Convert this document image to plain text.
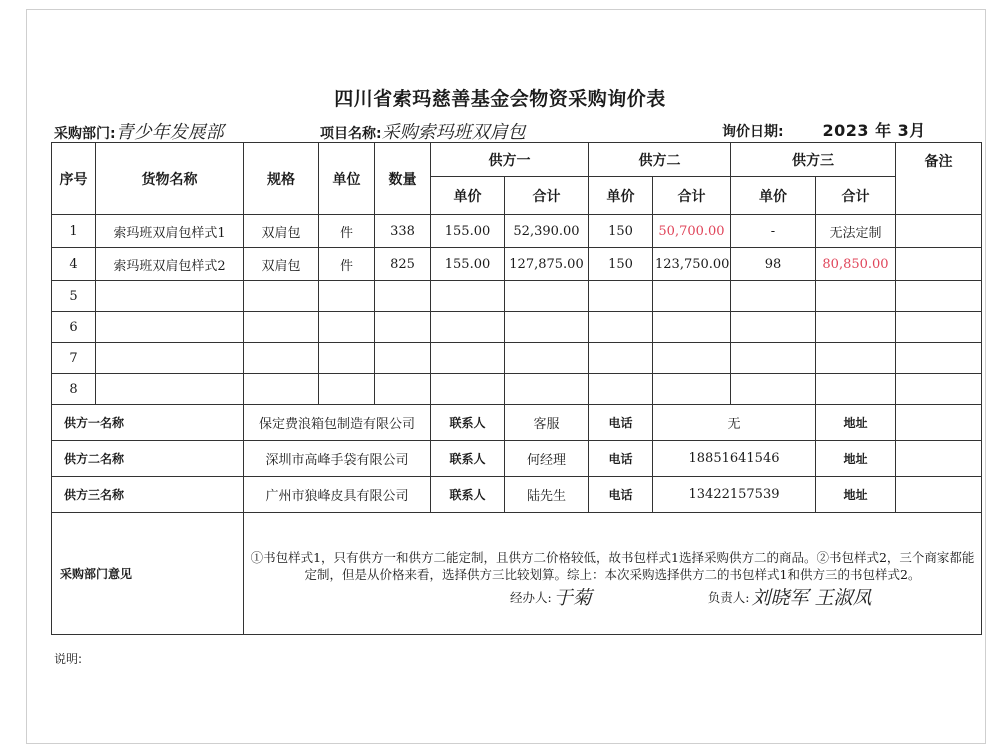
四川省索玛慈善基金会物资采购询价表
采购部门:青少年发展部	项目名称:采购索玛班双肩包	询价日期: 2023 年 3月
序号	货物名称	规格	单位	数量	供方一		供方二		供方三		备注
					单价	合计	单价	合计	单价	合计	
1	索玛班双肩包样式1	双肩包	件	338	155.00	52,390.00	150	50,700.00	-	无法定制	
4	索玛班双肩包样式2	双肩包	件	825	155.00	127,875.00	150	123,750.00	98	80,850.00	
5											
6											
7											
8											
供方一名称		保定费浪箱包制造有限公司			联系人	客服	电话	无		地址	
供方二名称		深圳市高峰手袋有限公司			联系人	何经理	电话	18851641546		地址	
供方三名称		广州市狼峰皮具有限公司			联系人	陆先生	电话	13422157539		地址	
采购部门意见		①书包样式1，只有供方一和供方二能定制，且供方二价格较低，故书包样式1选择采购供方二的商品。②书包样式2，三个商家都能定制，但是从价格来看，选择供方三比较划算。综上：本次采购选择供方二的书包样式1和供方三的书包样式2。
经办人: 于菊 负责人: 刘晓军 王淑凤									
说明:
